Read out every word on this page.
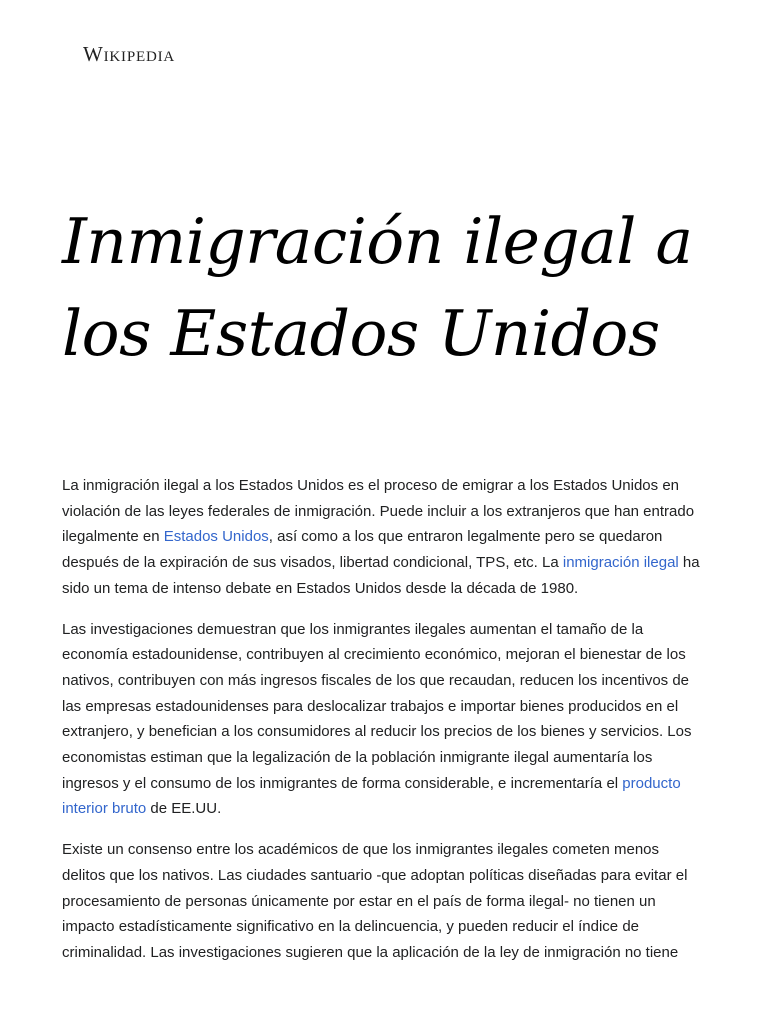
Wikipedia
Inmigración ilegal a los Estados Unidos

La inmigración ilegal a los Estados Unidos es el proceso de emigrar a los Estados Unidos en violación de las leyes federales de inmigración. Puede incluir a los extranjeros que han entrado ilegalmente en Estados Unidos, así como a los que entraron legalmente pero se quedaron después de la expiración de sus visados, libertad condicional, TPS, etc. La inmigración ilegal ha sido un tema de intenso debate en Estados Unidos desde la década de 1980.

Las investigaciones demuestran que los inmigrantes ilegales aumentan el tamaño de la economía estadounidense, contribuyen al crecimiento económico, mejoran el bienestar de los nativos, contribuyen con más ingresos fiscales de los que recaudan, reducen los incentivos de las empresas estadounidenses para deslocalizar trabajos e importar bienes producidos en el extranjero, y benefician a los consumidores al reducir los precios de los bienes y servicios. Los economistas estiman que la legalización de la población inmigrante ilegal aumentaría los ingresos y el consumo de los inmigrantes de forma considerable, e incrementaría el producto interior bruto de EE.UU.

Existe un consenso entre los académicos de que los inmigrantes ilegales cometen menos delitos que los nativos. Las ciudades santuario -que adoptan políticas diseñadas para evitar el procesamiento de personas únicamente por estar en el país de forma ilegal- no tienen un impacto estadísticamente significativo en la delincuencia, y pueden reducir el índice de criminalidad. Las investigaciones sugieren que la aplicación de la ley de inmigración no tiene
